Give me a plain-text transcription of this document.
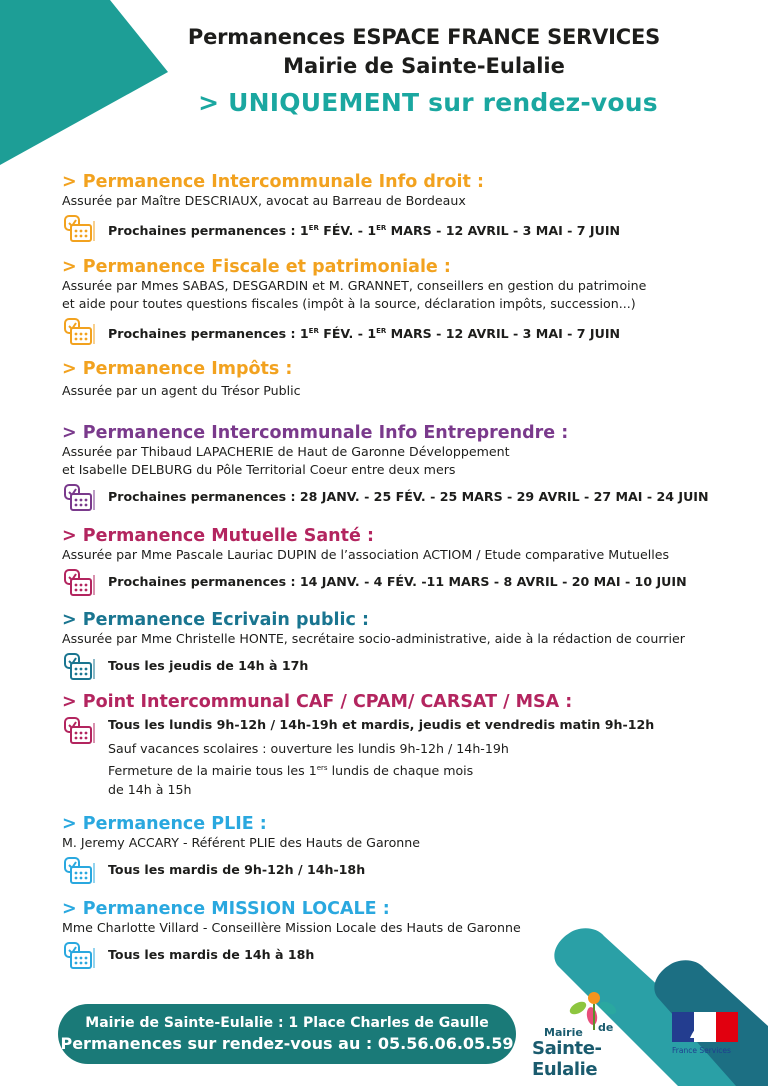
Permanences ESPACE FRANCE SERVICES
Mairie de Sainte-Eulalie
> UNIQUEMENT sur rendez-vous
> Permanence Intercommunale Info droit :
Assurée par Maître DESCRIAUX, avocat au Barreau de Bordeaux
Prochaines permanences : 1ER FÉV. - 1ER MARS - 12 AVRIL - 3 MAI - 7 JUIN
> Permanence Fiscale et patrimoniale :
Assurée par Mmes SABAS, DESGARDIN et M. GRANNET, conseillers en gestion du patrimoine
et aide pour toutes questions fiscales (impôt à la source, déclaration impôts, succession...)
Prochaines permanences : 1ER FÉV. - 1ER MARS - 12 AVRIL - 3 MAI - 7 JUIN
> Permanence Impôts :
Assurée par un agent du Trésor Public
> Permanence Intercommunale Info Entreprendre :
Assurée par Thibaud LAPACHERIE de Haut de Garonne Développement
et Isabelle DELBURG du Pôle Territorial Coeur entre deux mers
Prochaines permanences : 28 JANV. - 25 FÉV. - 25 MARS - 29 AVRIL - 27 MAI - 24 JUIN
> Permanence Mutuelle Santé :
Assurée par Mme Pascale Lauriac DUPIN de l’association ACTIOM / Etude comparative Mutuelles
Prochaines permanences : 14 JANV. - 4 FÉV. -11 MARS - 8 AVRIL - 20 MAI - 10 JUIN
> Permanence Ecrivain public :
Assurée par Mme Christelle HONTE, secrétaire socio-administrative, aide à la rédaction de courrier
Tous les jeudis de 14h à 17h
> Point Intercommunal CAF / CPAM/ CARSAT / MSA :
Tous les lundis 9h-12h / 14h-19h et mardis, jeudis et vendredis matin 9h-12h
Sauf vacances scolaires : ouverture les lundis 9h-12h / 14h-19h
Fermeture de la mairie tous les 1ers lundis de chaque mois
de 14h à 15h
> Permanence PLIE :
M. Jeremy ACCARY - Référent PLIE des Hauts de Garonne
Tous les mardis de 9h-12h / 14h-18h
> Permanence MISSION LOCALE :
Mme Charlotte Villard - Conseillère Mission Locale des Hauts de Garonne
Tous les mardis de 14h à 18h
Mairie de Sainte-Eulalie : 1 Place Charles de Gaulle
Permanences sur rendez-vous au : 05.56.06.05.59
Mairie de
Sainte-Eulalie
France Services
